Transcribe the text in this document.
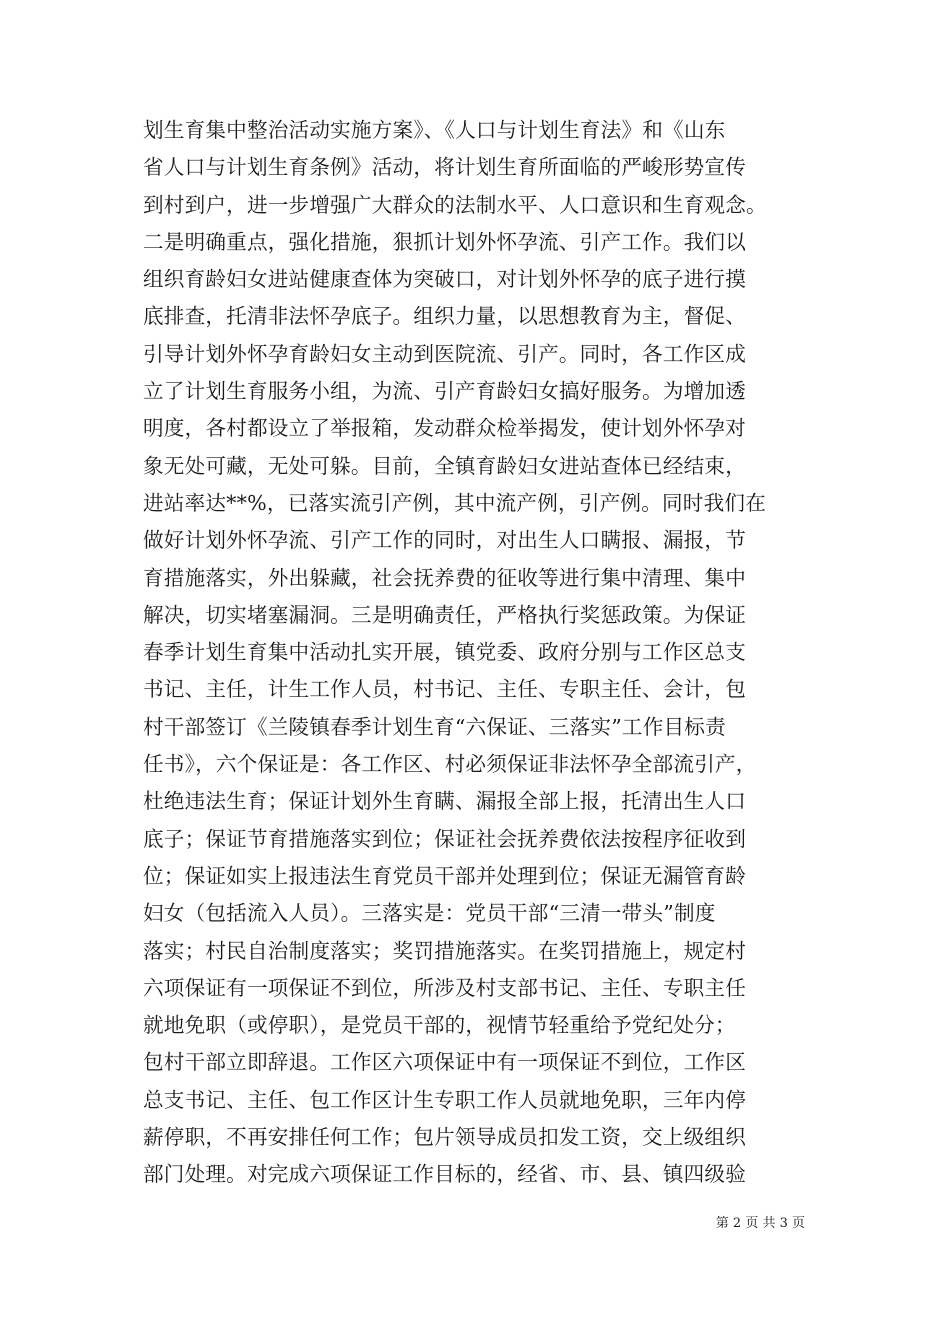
划生育集中整治活动实施方案》、《人口与计划生育法》和《山东
省人口与计划生育条例》活动，将计划生育所面临的严峻形势宣传
到村到户，进一步增强广大群众的法制水平、人口意识和生育观念。
二是明确重点，强化措施，狠抓计划外怀孕流、引产工作。我们以
组织育龄妇女进站健康查体为突破口，对计划外怀孕的底子进行摸
底排查，托清非法怀孕底子。组织力量，以思想教育为主，督促、
引导计划外怀孕育龄妇女主动到医院流、引产。同时，各工作区成
立了计划生育服务小组，为流、引产育龄妇女搞好服务。为增加透
明度，各村都设立了举报箱，发动群众检举揭发，使计划外怀孕对
象无处可藏，无处可躲。目前，全镇育龄妇女进站查体已经结束，
进站率达**%，已落实流引产例，其中流产例，引产例。同时我们在
做好计划外怀孕流、引产工作的同时，对出生人口瞒报、漏报，节
育措施落实，外出躲藏，社会抚养费的征收等进行集中清理、集中
解决，切实堵塞漏洞。三是明确责任，严格执行奖惩政策。为保证
春季计划生育集中活动扎实开展，镇党委、政府分别与工作区总支
书记、主任，计生工作人员，村书记、主任、专职主任、会计，包
村干部签订《兰陵镇春季计划生育“六保证、三落实”工作目标责
任书》，六个保证是：各工作区、村必须保证非法怀孕全部流引产，
杜绝违法生育；保证计划外生育瞒、漏报全部上报，托清出生人口
底子；保证节育措施落实到位；保证社会抚养费依法按程序征收到
位；保证如实上报违法生育党员干部并处理到位；保证无漏管育龄
妇女（包括流入人员）。三落实是：党员干部“三清一带头”制度
落实；村民自治制度落实；奖罚措施落实。在奖罚措施上，规定村
六项保证有一项保证不到位，所涉及村支部书记、主任、专职主任
就地免职（或停职），是党员干部的，视情节轻重给予党纪处分；
包村干部立即辞退。工作区六项保证中有一项保证不到位，工作区
总支书记、主任、包工作区计生专职工作人员就地免职，三年内停
薪停职，不再安排任何工作；包片领导成员扣发工资，交上级组织
部门处理。对完成六项保证工作目标的，经省、市、县、镇四级验
第 2 页 共 3 页
